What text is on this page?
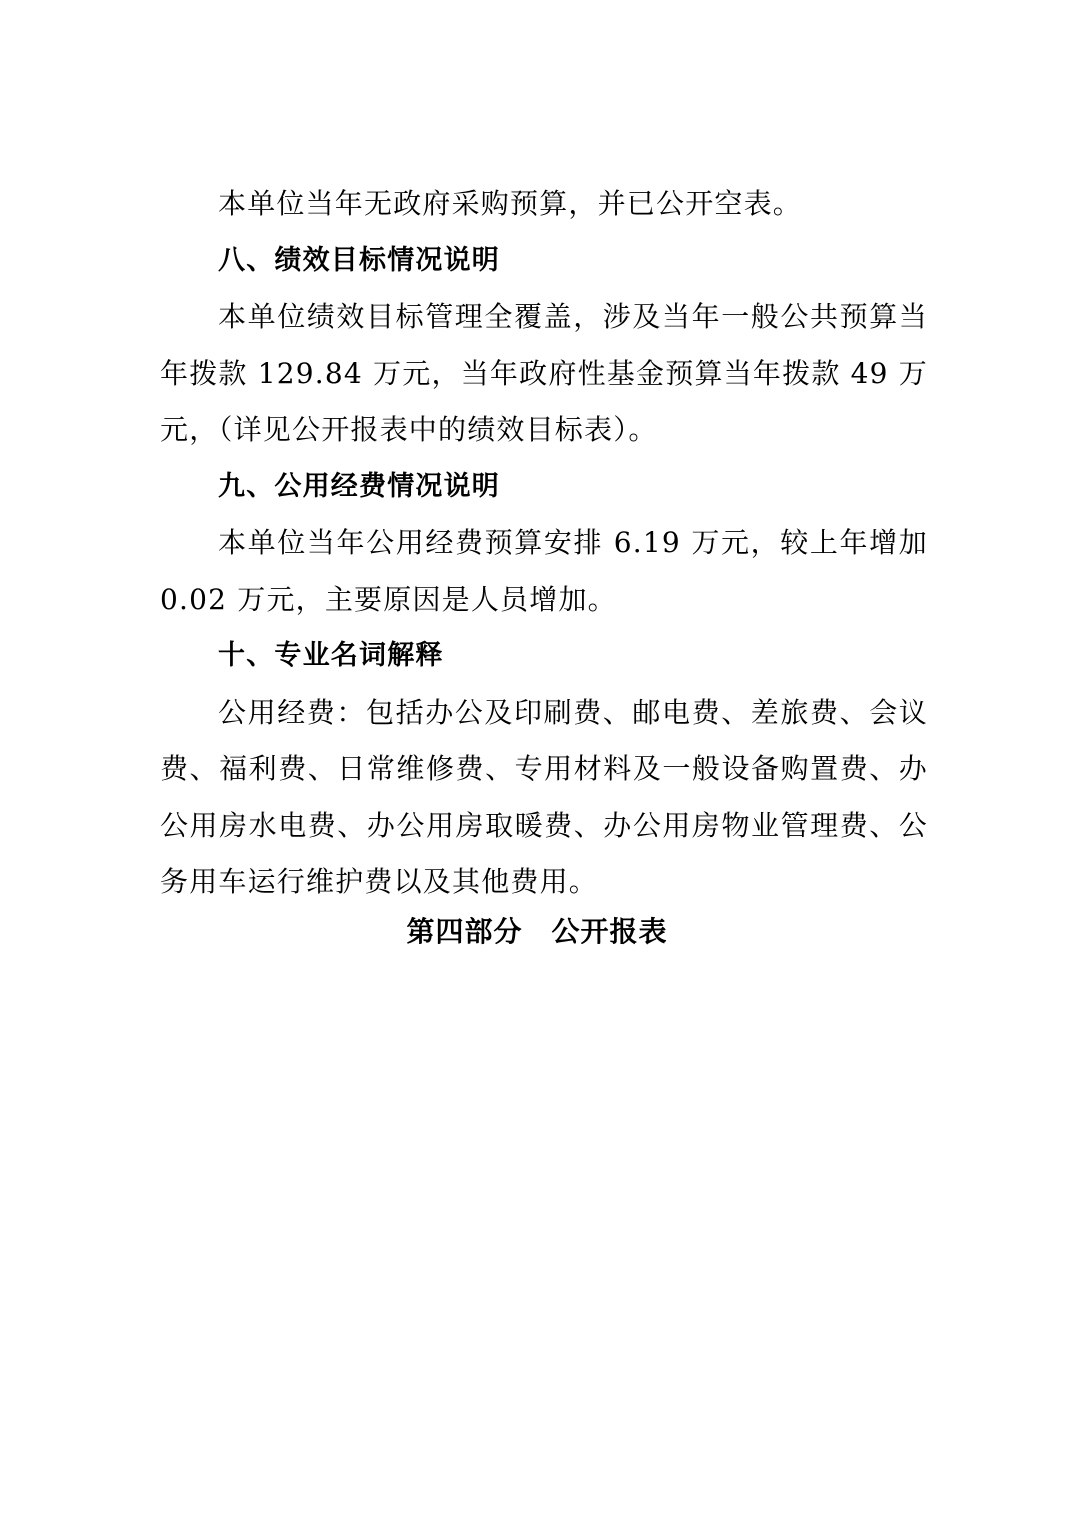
本单位当年无政府采购预算，并已公开空表。

八、绩效目标情况说明

本单位绩效目标管理全覆盖，涉及当年一般公共预算当年拨款 129.84 万元，当年政府性基金预算当年拨款 49 万元，（详见公开报表中的绩效目标表）。

九、公用经费情况说明

本单位当年公用经费预算安排 6.19 万元，较上年增加 0.02 万元，主要原因是人员增加。

十、专业名词解释

公用经费：包括办公及印刷费、邮电费、差旅费、会议费、福利费、日常维修费、专用材料及一般设备购置费、办公用房水电费、办公用房取暖费、办公用房物业管理费、公务用车运行维护费以及其他费用。

第四部分　公开报表
